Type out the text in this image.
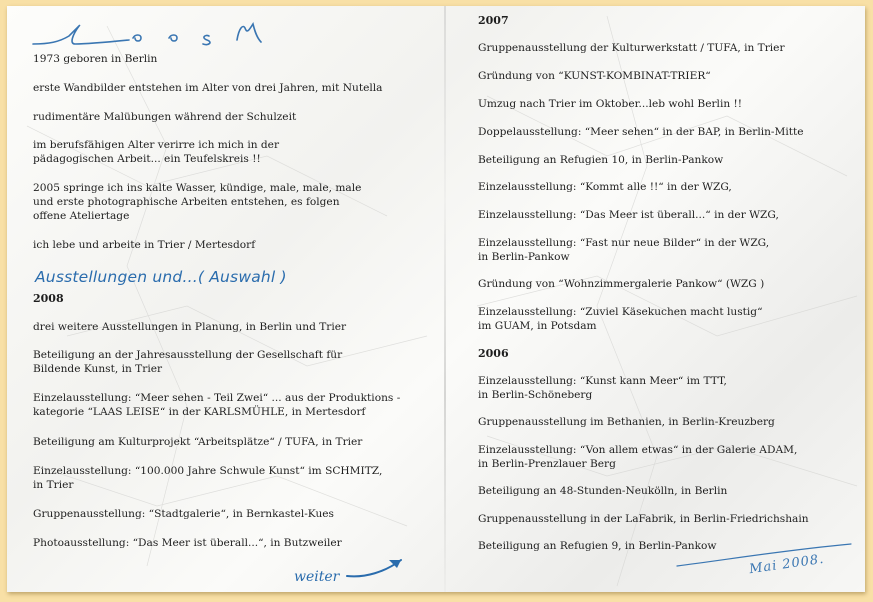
1973 geboren in Berlin

erste Wandbilder entstehen im Alter von drei Jahren, mit Nutella

rudimentäre Malübungen während der Schulzeit

im berufsfähigen Alter verirre ich mich in der

pädagogischen Arbeit... ein Teufelskreis !!

2005 springe ich ins kalte Wasser, kündige, male, male, male

und erste photographische Arbeiten entstehen, es folgen

offene Ateliertage

ich lebe und arbeite in Trier / Mertesdorf

2008

drei weitere Ausstellungen in Planung, in Berlin und Trier

Beteiligung an der Jahresausstellung der Gesellschaft für

Bildende Kunst, in Trier

Einzelausstellung: “Meer sehen - Teil Zwei“ ... aus der Produktions -

kategorie “LAAS LEISE“ in der KARLSMÜHLE, in Mertesdorf

Beteiligung am Kulturprojekt “Arbeitsplätze“ / TUFA, in Trier

Einzelausstellung: “100.000 Jahre Schwule Kunst“ im SCHMITZ,

in Trier

Gruppenausstellung: “Stadtgalerie“, in Bernkastel-Kues

Photoausstellung: “Das Meer ist überall...“, in Butzweiler

Ausstellungen und...( Auswahl )

2007

Gruppenausstellung der Kulturwerkstatt / TUFA, in Trier

Gründung von “KUNST-KOMBINAT-TRIER“

Umzug nach Trier im Oktober...leb wohl Berlin !!

Doppelausstellung: “Meer sehen“ in der BAP, in Berlin-Mitte

Beteiligung an Refugien 10, in Berlin-Pankow

Einzelausstellung: “Kommt alle !!“ in der WZG,

Einzelausstellung: “Das Meer ist überall...“ in der WZG,

Einzelausstellung: “Fast nur neue Bilder“ in der WZG,

in Berlin-Pankow

Gründung von “Wohnzimmergalerie Pankow“ (WZG )

Einzelausstellung: “Zuviel Käsekuchen macht lustig“

im GUAM, in Potsdam

2006

Einzelausstellung: “Kunst kann Meer“ im TTT,

in Berlin-Schöneberg

Gruppenausstellung im Bethanien, in Berlin-Kreuzberg

Einzelausstellung: “Von allem etwas“ in der Galerie ADAM,

in Berlin-Prenzlauer Berg

Beteiligung an 48-Stunden-Neukölln, in Berlin

Gruppenausstellung in der LaFabrik, in Berlin-Friedrichshain

Beteiligung an Refugien 9, in Berlin-Pankow

weiter	Mai 2008.
